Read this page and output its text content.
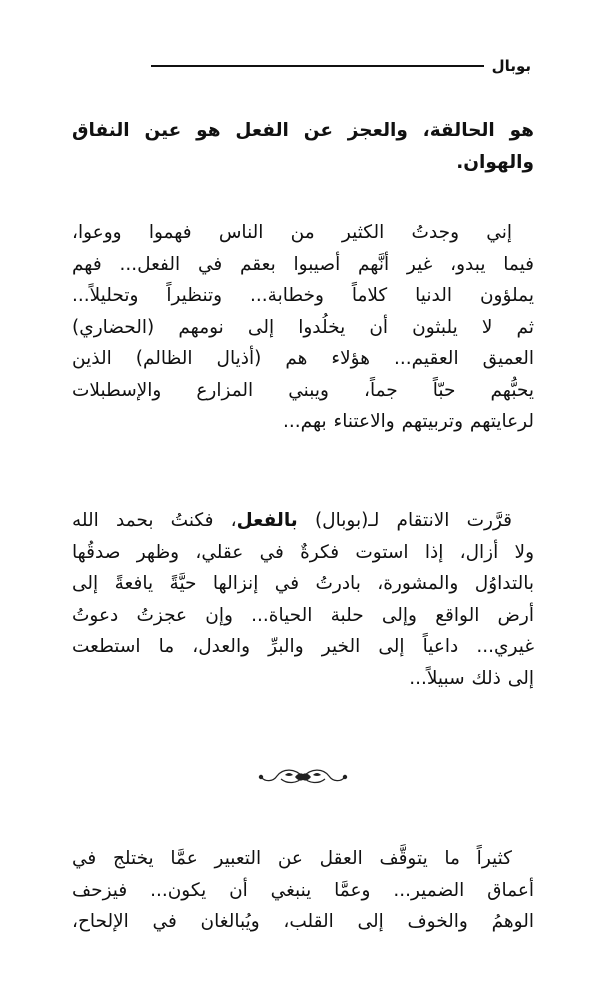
بوبال
هو الحالقة، والعجز عن الفعل هو عين النفاق
والهوان.
إني وجدتُ الكثير من الناس فهموا ووعوا،
فيما يبدو، غير أنَّهم أصيبوا بعقم في الفعل... فهم
يملؤون الدنيا كلاماً وخطابة... وتنظيراً وتحليلاً...
ثم لا يلبثون أن يخلُدوا إلى نومهم (الحضاري)
العميق العقيم... هؤلاء هم (أذيال الظالم) الذين
يحبُّهم حبّاً جماً، ويبني المزارع والإسطبلات
لرعايتهم وتربيتهم والاعتناء بهم...
قرَّرت الانتقام لـ(بوبال) بالفعل، فكنتُ بحمد الله
ولا أزال، إذا استوت فكرةٌ في عقلي، وظهر صدقُها
بالتداوُل والمشورة، بادرتُ في إنزالها حيَّةً يافعةً إلى
أرض الواقع وإلى حلبة الحياة... وإن عجزتُ دعوتُ
غيري... داعياً إلى الخير والبرِّ والعدل، ما استطعت
إلى ذلك سبيلاً...
كثيراً ما يتوقَّف العقل عن التعبير عمَّا يختلج في
أعماق الضمير... وعمَّا ينبغي أن يكون... فيزحف
الوهمُ والخوف إلى القلب، ويُبالغان في الإلحاح،
